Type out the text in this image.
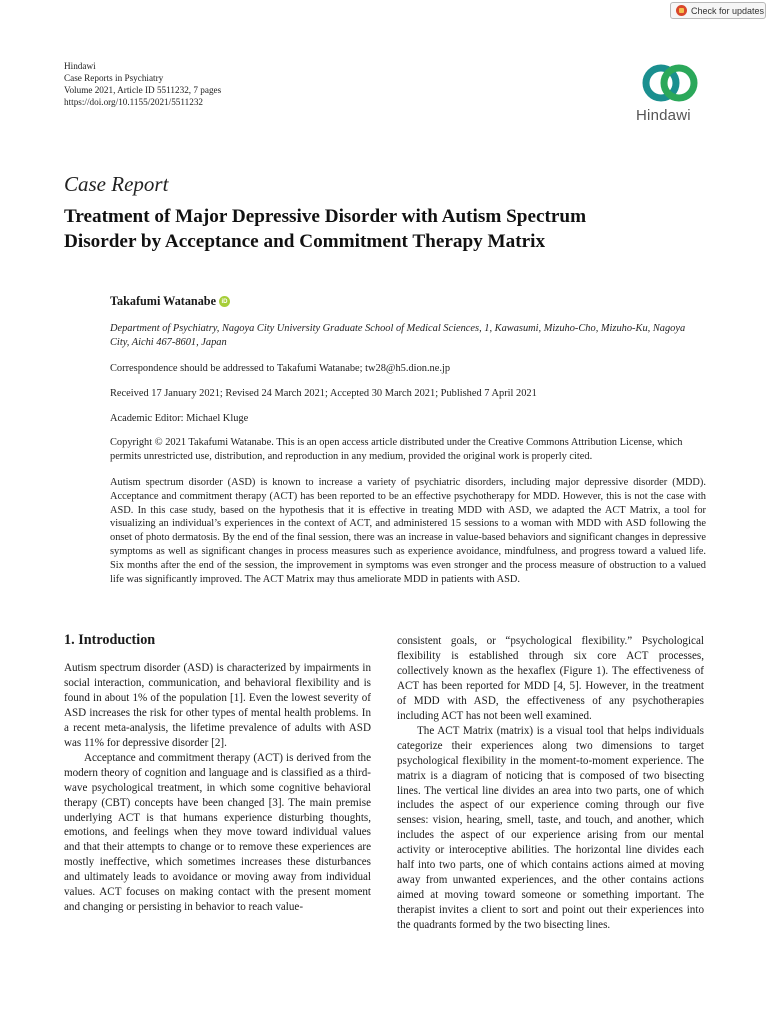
Check for updates
Hindawi
Case Reports in Psychiatry
Volume 2021, Article ID 5511232, 7 pages
https://doi.org/10.1155/2021/5511232
Hindawi
Case Report
Treatment of Major Depressive Disorder with Autism Spectrum
Disorder by Acceptance and Commitment Therapy Matrix
Takafumi Watanabe iD
Department of Psychiatry, Nagoya City University Graduate School of Medical Sciences, 1, Kawasumi, Mizuho-Cho, Mizuho-Ku, Nagoya City, Aichi 467-8601, Japan
Correspondence should be addressed to Takafumi Watanabe; tw28@h5.dion.ne.jp
Received 17 January 2021; Revised 24 March 2021; Accepted 30 March 2021; Published 7 April 2021
Academic Editor: Michael Kluge
Copyright © 2021 Takafumi Watanabe. This is an open access article distributed under the Creative Commons Attribution License, which permits unrestricted use, distribution, and reproduction in any medium, provided the original work is properly cited.
Autism spectrum disorder (ASD) is known to increase a variety of psychiatric disorders, including major depressive disorder (MDD). Acceptance and commitment therapy (ACT) has been reported to be an effective psychotherapy for MDD. However, this is not the case with ASD. In this case study, based on the hypothesis that it is effective in treating MDD with ASD, we adapted the ACT Matrix, a tool for visualizing an individual’s experiences in the context of ACT, and administered 15 sessions to a woman with MDD with ASD following the onset of photo dermatosis. By the end of the final session, there was an increase in value-based behaviors and significant changes in depressive symptoms as well as significant changes in process measures such as experience avoidance, mindfulness, and progress toward a valued life. Six months after the end of the session, the improvement in symptoms was even stronger and the process measure of obstruction to a valued life was significantly improved. The ACT Matrix may thus ameliorate MDD in patients with ASD.
1. Introduction

Autism spectrum disorder (ASD) is characterized by impairments in social interaction, communication, and behavioral flexibility and is found in about 1% of the population [1]. Even the lowest severity of ASD increases the risk for other types of mental health problems. In a recent meta-analysis, the lifetime prevalence of adults with ASD was 11% for depressive disorder [2].

Acceptance and commitment therapy (ACT) is derived from the modern theory of cognition and language and is classified as a third-wave psychological treatment, in which some cognitive behavioral therapy (CBT) concepts have been changed [3]. The main premise underlying ACT is that humans experience disturbing thoughts, emotions, and feelings when they move toward individual values and that their attempts to change or to remove these experiences are mostly ineffective, which sometimes increases these disturbances and ultimately leads to avoidance or moving away from individual values. ACT focuses on making contact with the present moment and changing or persisting in behavior to reach value-

consistent goals, or “psychological flexibility.” Psychological flexibility is established through six core ACT processes, collectively known as the hexaflex (Figure 1). The effectiveness of ACT has been reported for MDD [4, 5]. However, in the treatment of MDD with ASD, the effectiveness of any psychotherapies including ACT has not been well examined.

The ACT Matrix (matrix) is a visual tool that helps individuals categorize their experiences along two dimensions to target psychological flexibility in the moment-to-moment experience. The matrix is a diagram of noticing that is composed of two bisecting lines. The vertical line divides an area into two parts, one of which includes the aspect of our experience coming through our five senses: vision, hearing, smell, taste, and touch, and another, which includes the aspect of our experience arising from our mental activity or interoceptive abilities. The horizontal line divides each half into two parts, one of which contains actions aimed at moving away from unwanted experiences, and the other contains actions aimed at moving toward someone or something important. The therapist invites a client to sort and point out their experiences into the quadrants formed by the two bisecting lines.
